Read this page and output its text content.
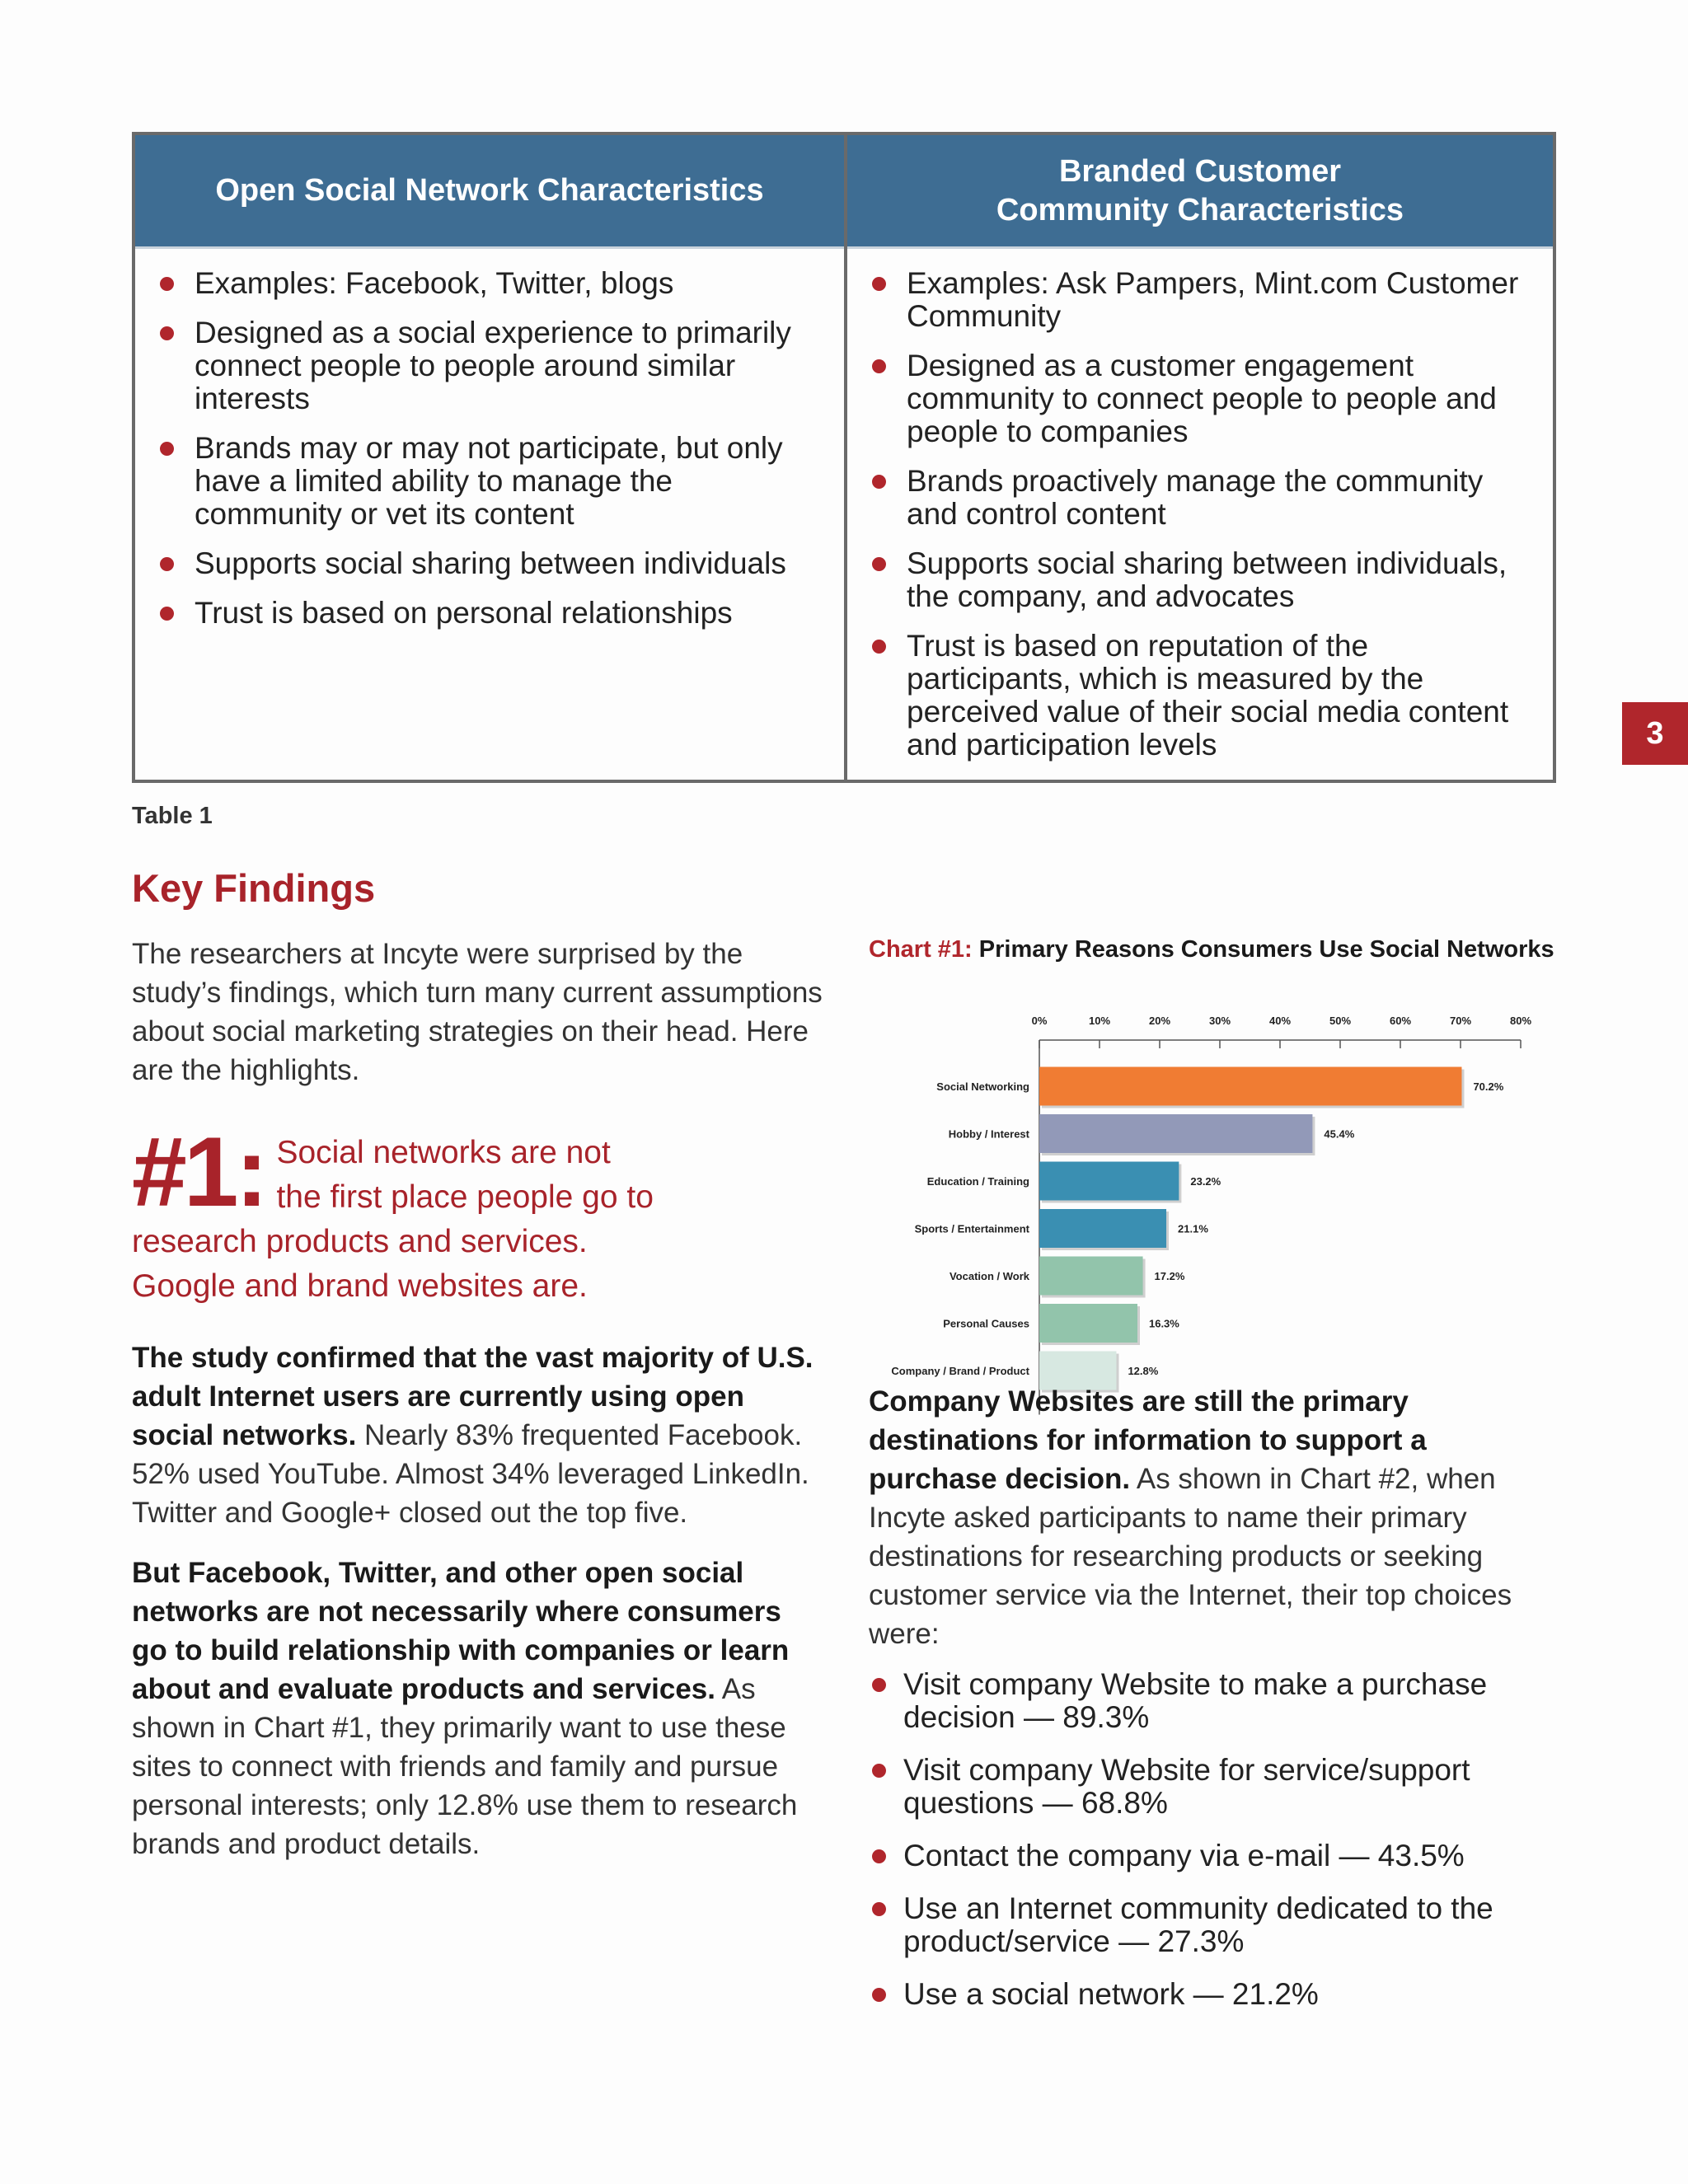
Open Social Network Characteristics
Examples: Facebook, Twitter, blogs
Designed as a social experience to primarily connect people to people around similar interests
Brands may or may not participate, but only have a limited ability to manage the community or vet its content
Supports social sharing between individuals
Trust is based on personal relationships
Branded Customer
Community Characteristics
Examples: Ask Pampers, Mint.com Customer Community
Designed as a customer engagement community to connect people to people and people to companies
Brands proactively manage the community and control content
Supports social sharing between individuals, the company, and advocates
Trust is based on reputation of the participants, which is measured by the perceived value of their social media content and participation levels
Table 1
3
Key Findings

The researchers at Incyte were surprised by the study’s findings, which turn many current assumptions about social marketing strategies on their head. Here are the highlights.

#1: Social networks are not
the first place people go to
research products and services.
Google and brand websites are.

The study confirmed that the vast majority of U.S. adult Internet users are currently using open social networks. Nearly 83% frequented Facebook. 52% used YouTube. Almost 34% leveraged LinkedIn. Twitter and Google+ closed out the top five.

But Facebook, Twitter, and other open social networks are not necessarily where consumers go to build relationship with companies or learn about and evaluate products and services. As shown in Chart #1, they primarily want to use these sites to connect with friends and family and pursue personal interests; only 12.8% use them to research brands and product details.

Chart #1: Primary Reasons Consumers Use Social Networks

0%	10%	20%	30%	40%	50%	60%	70%	80%
Social Networking	70.2%
Hobby / Interest	45.4%
Education / Training	23.2%
Sports / Entertainment	21.1%
Vocation / Work	17.2%
Personal Causes	16.3%
Company / Brand / Product	12.8%

Company Websites are still the primary destinations for information to support a purchase decision. As shown in Chart #2, when Incyte asked participants to name their primary destinations for researching products or seeking customer service via the Internet, their top choices were:

Visit company Website to make a purchase decision — 89.3%
Visit company Website for service/support questions — 68.8%
Contact the company via e-mail — 43.5%
Use an Internet community dedicated to the product/service — 27.3%
Use a social network — 21.2%
